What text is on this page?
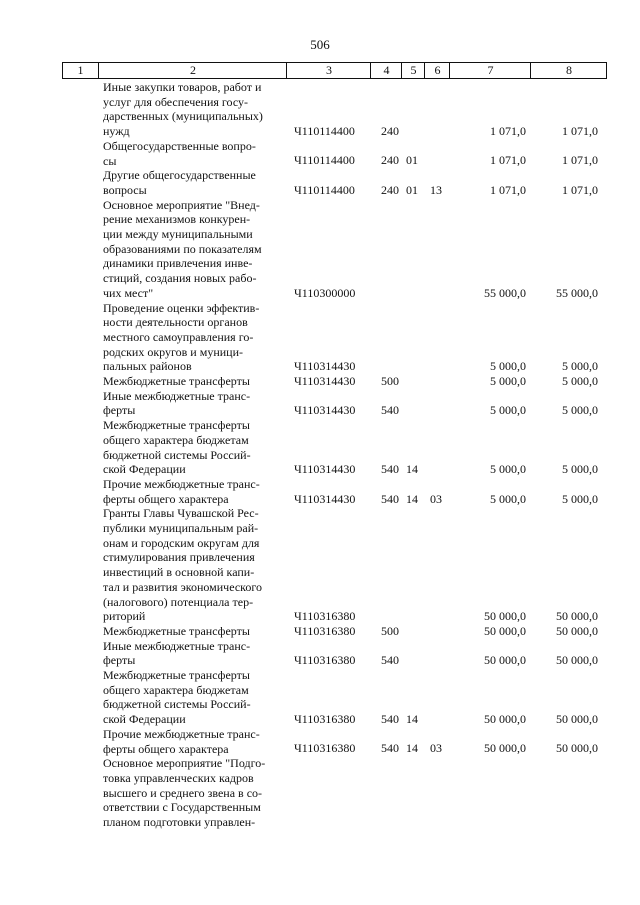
506
1	2	3	4	5	6	7	8
Иные закупки товаров, работ и
услуг для обеспечения госу-
дарственных (муниципальных)
нужд	Ч110114400 240	1 071,0	1 071,0
Общегосударственные вопро-
сы	Ч110114400 240 01	1 071,0	1 071,0
Другие общегосударственные
вопросы	Ч110114400 240 01 13	1 071,0	1 071,0
Основное мероприятие "Внед-
рение механизмов конкурен-
ции между муниципальными
образованиями по показателям
динамики привлечения инве-
стиций, создания новых рабо-
чих мест"	Ч110300000	55 000,0	55 000,0
Проведение оценки эффектив-
ности деятельности органов
местного самоуправления го-
родских округов и муници-
пальных районов	Ч110314430	5 000,0	5 000,0
Межбюджетные трансферты	Ч110314430 500	5 000,0	5 000,0
Иные межбюджетные транс-
ферты	Ч110314430 540	5 000,0	5 000,0
Межбюджетные трансферты
общего характера бюджетам
бюджетной системы Россий-
ской Федерации	Ч110314430 540 14	5 000,0	5 000,0
Прочие межбюджетные транс-
ферты общего характера	Ч110314430 540 14 03	5 000,0	5 000,0
Гранты Главы Чувашской Рес-
публики муниципальным рай-
онам и городским округам для
стимулирования привлечения
инвестиций в основной капи-
тал и развития экономического
(налогового) потенциала тер-
риторий	Ч110316380	50 000,0	50 000,0
Межбюджетные трансферты	Ч110316380 500	50 000,0	50 000,0
Иные межбюджетные транс-
ферты	Ч110316380 540	50 000,0	50 000,0
Межбюджетные трансферты
общего характера бюджетам
бюджетной системы Россий-
ской Федерации	Ч110316380 540 14	50 000,0	50 000,0
Прочие межбюджетные транс-
ферты общего характера	Ч110316380 540 14 03	50 000,0	50 000,0
Основное мероприятие "Подго-
товка управленческих кадров
высшего и среднего звена в со-
ответствии с Государственным
планом подготовки управлен-
